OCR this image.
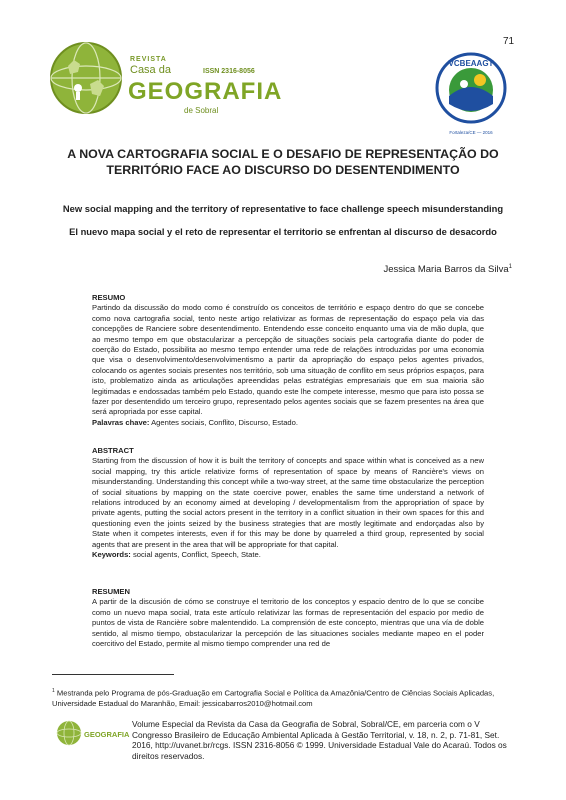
71
REVISTA
Casa da	ISSN 2316-8056
GEOGRAFIA
de Sobral
VCBEAAGT
Fortaleza/CE — 2016
A NOVA CARTOGRAFIA SOCIAL E O DESAFIO DE REPRESENTAÇÃO DO
TERRITÓRIO FACE AO DISCURSO DO DESENTENDIMENTO
New social mapping and the territory of representative to face challenge speech misunderstanding
El nuevo mapa social y el reto de representar el territorio se enfrentan al discurso de desacordo
Jessica Maria Barros da Silva$^1$
RESUMO

Partindo da discussão do modo como é construído os conceitos de território e espaço dentro do que se concebe como nova cartografia social, tento neste artigo relativizar as formas de representação do espaço pela via das concepções de Ranciere sobre desentendimento. Entendendo esse conceito enquanto uma via de mão dupla, que ao mesmo tempo em que obstacularizar a percepção de situações sociais pela cartografia diante do poder de coerção do Estado, possibilita ao mesmo tempo entender uma rede de relações introduzidas por uma economia que visa o desenvolvimento/desenvolvimentismo a partir da apropriação do espaço pelos agentes privados, colocando os agentes sociais presentes nos território, sob uma situação de conflito em seus próprios espaços, para isto, problematizo ainda as articulações apreendidas pelas estratégias empresariais que em sua maioria são legitimadas e endossadas também pelo Estado, quando este lhe compete interesse, mesmo que para isto possa se fazer por desentendido um terceiro grupo, representado pelos agentes sociais que se fazem presentes na área que será apropriada por esse capital.

Palavras chave: Agentes sociais, Conflito, Discurso, Estado.

ABSTRACT

Starting from the discussion of how it is built the territory of concepts and space within what is conceived as a new social mapping, try this article relativize forms of representation of space by means of Rancière's views on misunderstanding. Understanding this concept while a two-way street, at the same time obstacularize the perception of social situations by mapping on the state coercive power, enables the same time understand a network of relations introduced by an economy aimed at developing / developmentalism from the appropriation of space by private agents, putting the social actors present in the territory in a conflict situation in their own spaces for this and questioning even the joints seized by the business strategies that are mostly legitimate and endorçadas also by State when it competes interests, even if for this may be done by quarreled a third group, represented by social agents that are present in the area that will be appropriate for that capital.

Keywords: social agents, Conflict, Speech, State.

RESUMEN

A partir de la discusión de cómo se construye el territorio de los conceptos y espacio dentro de lo que se concibe como un nuevo mapa social, trata este artículo relativizar las formas de representación del espacio por medio de puntos de vista de Rancière sobre malentendido. La comprensión de este concepto, mientras que una vía de doble sentido, al mismo tiempo, obstacularizar la percepción de las situaciones sociales mediante mapeo en el poder coercitivo del Estado, permite al mismo tiempo comprender una red de

$^1$ Mestranda pelo Programa de pós-Graduação em Cartografia Social e Política da Amazônia/Centro de Ciências Sociais Aplicadas, Universidade Estadual do Maranhão, Email: jessicabarros2010@hotmail.com
GEOGRAFIA
Volume Especial da Revista da Casa da Geografia de Sobral, Sobral/CE, em parceria com o V Congresso Brasileiro de Educação Ambiental Aplicada à Gestão Territorial, v. 18, n. 2, p. 71-81, Set. 2016, http://uvanet.br/rcgs. ISSN 2316-8056 © 1999. Universidade Estadual Vale do Acaraú. Todos os direitos reservados.
